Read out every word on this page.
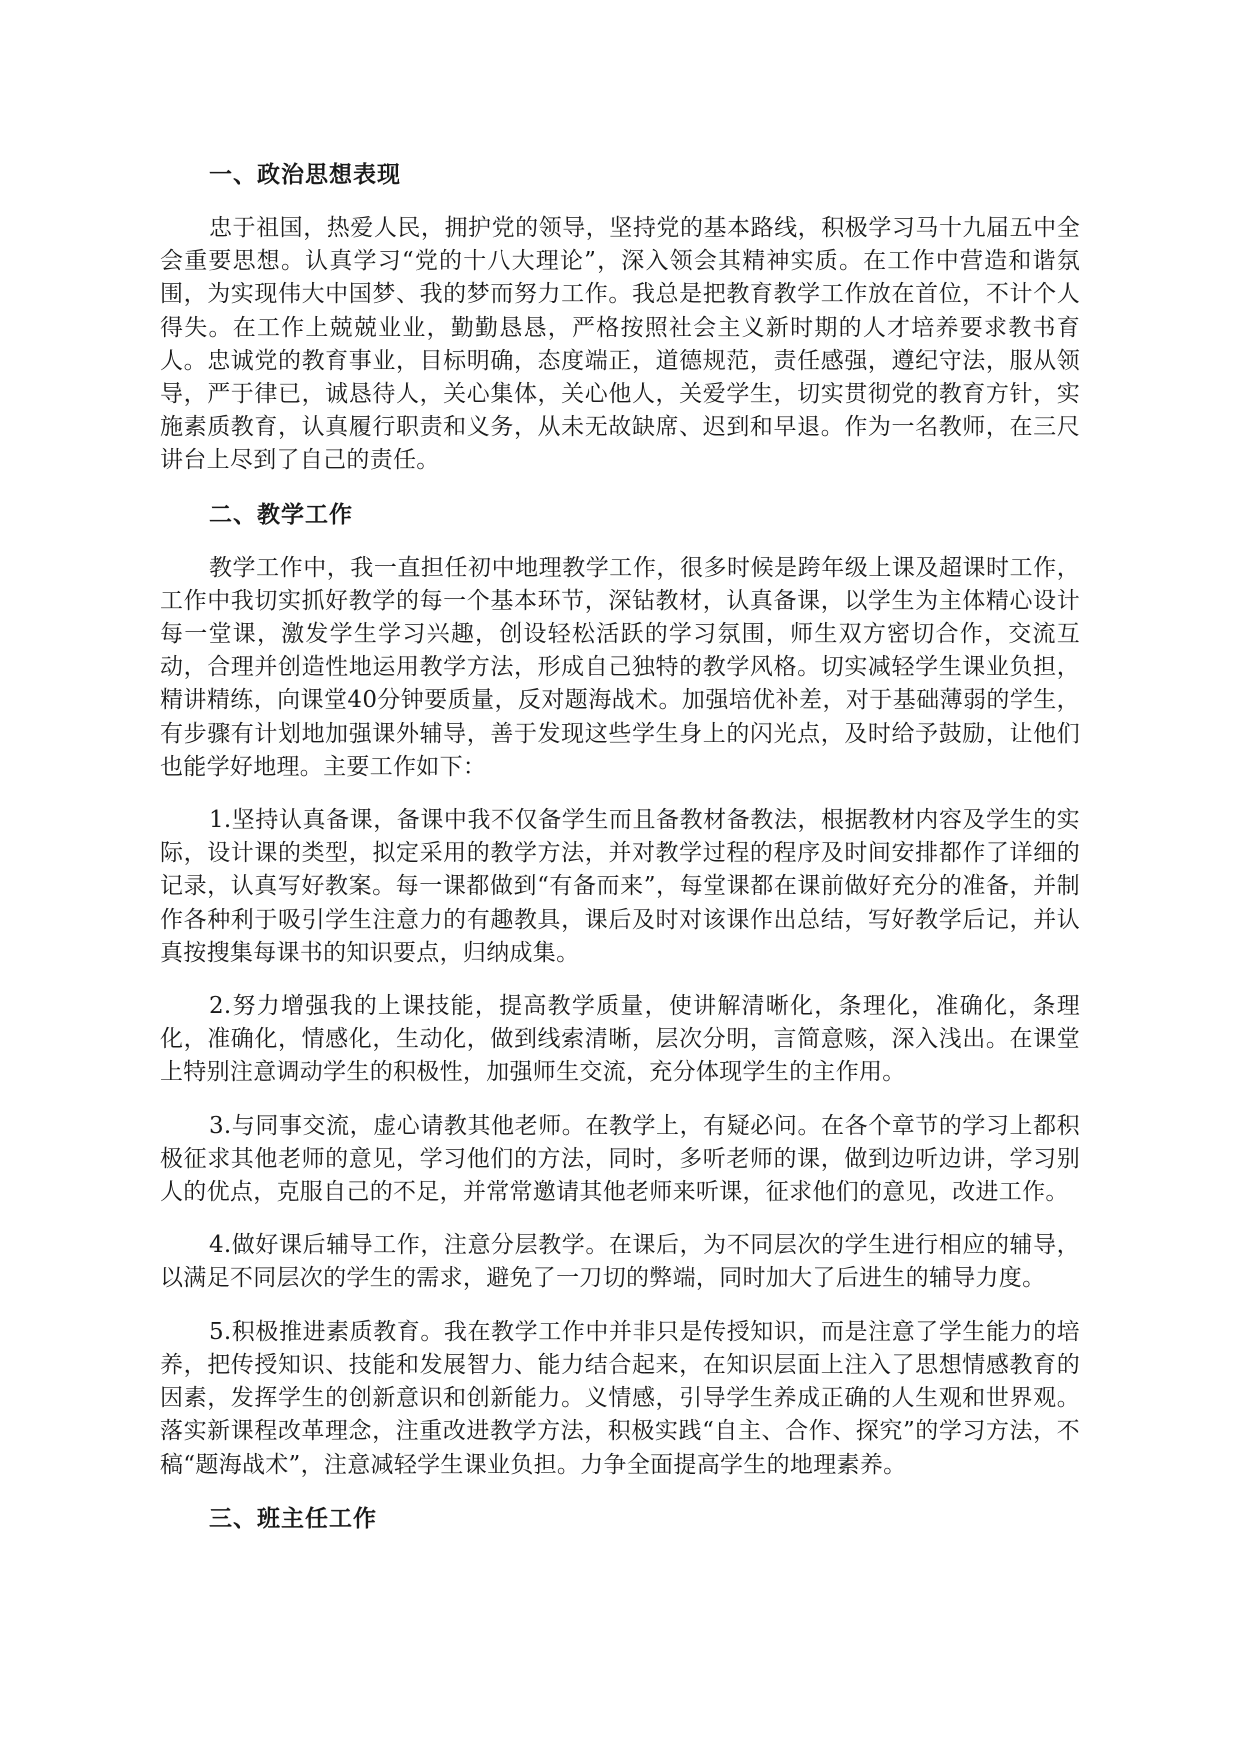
一、政治思想表现

忠于祖国，热爱人民，拥护党的领导，坚持党的基本路线，积极学习马十九届五中全会重要思想。认真学习“党的十八大理论”，深入领会其精神实质。在工作中营造和谐氛围，为实现伟大中国梦、我的梦而努力工作。我总是把教育教学工作放在首位，不计个人得失。在工作上兢兢业业，勤勤恳恳，严格按照社会主义新时期的人才培养要求教书育人。忠诚党的教育事业，目标明确，态度端正，道德规范，责任感强，遵纪守法，服从领导，严于律已，诚恳待人，关心集体，关心他人，关爱学生，切实贯彻党的教育方针，实施素质教育，认真履行职责和义务，从未无故缺席、迟到和早退。作为一名教师，在三尺讲台上尽到了自己的责任。

二、教学工作

教学工作中，我一直担任初中地理教学工作，很多时候是跨年级上课及超课时工作，工作中我切实抓好教学的每一个基本环节，深钻教材，认真备课，以学生为主体精心设计每一堂课，激发学生学习兴趣，创设轻松活跃的学习氛围，师生双方密切合作，交流互动，合理并创造性地运用教学方法，形成自己独特的教学风格。切实减轻学生课业负担，精讲精练，向课堂40分钟要质量，反对题海战术。加强培优补差，对于基础薄弱的学生，有步骤有计划地加强课外辅导，善于发现这些学生身上的闪光点，及时给予鼓励，让他们也能学好地理。主要工作如下：

1.坚持认真备课，备课中我不仅备学生而且备教材备教法，根据教材内容及学生的实际，设计课的类型，拟定采用的教学方法，并对教学过程的程序及时间安排都作了详细的记录，认真写好教案。每一课都做到“有备而来”，每堂课都在课前做好充分的准备，并制作各种利于吸引学生注意力的有趣教具，课后及时对该课作出总结，写好教学后记，并认真按搜集每课书的知识要点，归纳成集。

2.努力增强我的上课技能，提高教学质量，使讲解清晰化，条理化，准确化，条理化，准确化，情感化，生动化，做到线索清晰，层次分明，言简意赅，深入浅出。在课堂上特别注意调动学生的积极性，加强师生交流，充分体现学生的主作用。

3.与同事交流，虚心请教其他老师。在教学上，有疑必问。在各个章节的学习上都积极征求其他老师的意见，学习他们的方法，同时，多听老师的课，做到边听边讲，学习别人的优点，克服自己的不足，并常常邀请其他老师来听课，征求他们的意见，改进工作。

4.做好课后辅导工作，注意分层教学。在课后，为不同层次的学生进行相应的辅导，以满足不同层次的学生的需求，避免了一刀切的弊端，同时加大了后进生的辅导力度。

5.积极推进素质教育。我在教学工作中并非只是传授知识，而是注意了学生能力的培养，把传授知识、技能和发展智力、能力结合起来，在知识层面上注入了思想情感教育的因素，发挥学生的创新意识和创新能力。义情感，引导学生养成正确的人生观和世界观。落实新课程改革理念，注重改进教学方法，积极实践“自主、合作、探究”的学习方法，不稿“题海战术”，注意减轻学生课业负担。力争全面提高学生的地理素养。

三、班主任工作
